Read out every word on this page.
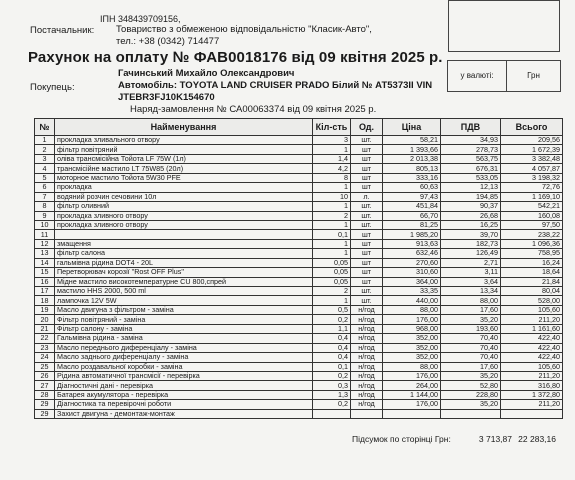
ІПН 348439709156,
Постачальник: Товариство з обмеженою відповідальністю "Класик-Авто",
тел.: +38 (0342) 714477
Рахунок на оплату № ФАВ0018176 від 09 квітня 2025 р.
Покупець:
Гачинський Михайло Олександрович
Автомобіль: TOYOTA LAND CRUISER PRADO Білий № АТ5373ІІ VIN
JTEBR3FJ10K154670
Наряд-замовлення № СА00063374 від 09 квітня 2025 р.
у валюті:	Грн
№	Найменування	Кіл-сть	Од.	Ціна	ПДВ	Всього
1	прокладка зливального отвору	3	шт.	58,21	34,93	209,56
2	фільтр повітряний	1	шт	1 393,66	278,73	1 672,39
3	оліва трансмісійна Тойота LF 75W (1л)	1,4	шт	2 013,38	563,75	3 382,48
4	трансмісійне мастило LT 75W85 (20л)	4,2	шт	805,13	676,31	4 057,87
5	моторное мастило Тойота 5W30 PFE	8	шт	333,16	533,05	3 198,32
6	прокладка	1	шт	60,63	12,13	72,76
7	водяний розчин сечовини 10л	10	л.	97,43	194,85	1 169,10
8	фільтр оливний	1	шт.	451,84	90,37	542,21
9	прокладка зливного отвору	2	шт.	66,70	26,68	160,08
10	прокладка зливного отвору	1	шт.	81,25	16,25	97,50
11		0,1	шт	1 985,20	39,70	238,22
12	змащення	1	шт	913,63	182,73	1 096,36
13	фільтр салона	1	шт	632,46	126,49	758,95
14	гальмівна рідина DOT4 - 20L	0,05	шт	270,60	2,71	16,24
15	Перетворювач корозії "Rost OFF Plus"	0,05	шт	310,60	3,11	18,64
16	Мідне мастило високотемпературне CU 800,спрей	0,05	шт	364,00	3,64	21,84
17	мастило HHS 2000, 500 ml	2	шт.	33,35	13,34	80,04
18	лампочка 12V 5W	1	шт.	440,00	88,00	528,00
19	Масло двигуна з фільтром - заміна	0,5	н/год	88,00	17,60	105,60
20	Фільтр повітряний - заміна	0,2	н/год	176,00	35,20	211,20
21	Фільтр салону - заміна	1,1	н/год	968,00	193,60	1 161,60
22	Гальмівна рідина - заміна	0,4	н/год	352,00	70,40	422,40
23	Масло переднього диференціалу - заміна	0,4	н/год	352,00	70,40	422,40
24	Масло заднього диференціалу - заміна	0,4	н/год	352,00	70,40	422,40
25	Масло роздавальної коробки - заміна	0,1	н/год	88,00	17,60	105,60
26	Рідина автоматичної трансмісії - перевірка	0,2	н/год	176,00	35,20	211,20
27	Діагностичні дані - перевірка	0,3	н/год	264,00	52,80	316,80
28	Батарея акумулятора - перевірка	1,3	н/год	1 144,00	228,80	1 372,80
29	Діагностика та перевірочні роботи	0,2	н/год	176,00	35,20	211,20
29	Захист двигуна - демонтаж-монтаж					
Підсумок по сторінці Грн:	3 713,87 22 283,16
